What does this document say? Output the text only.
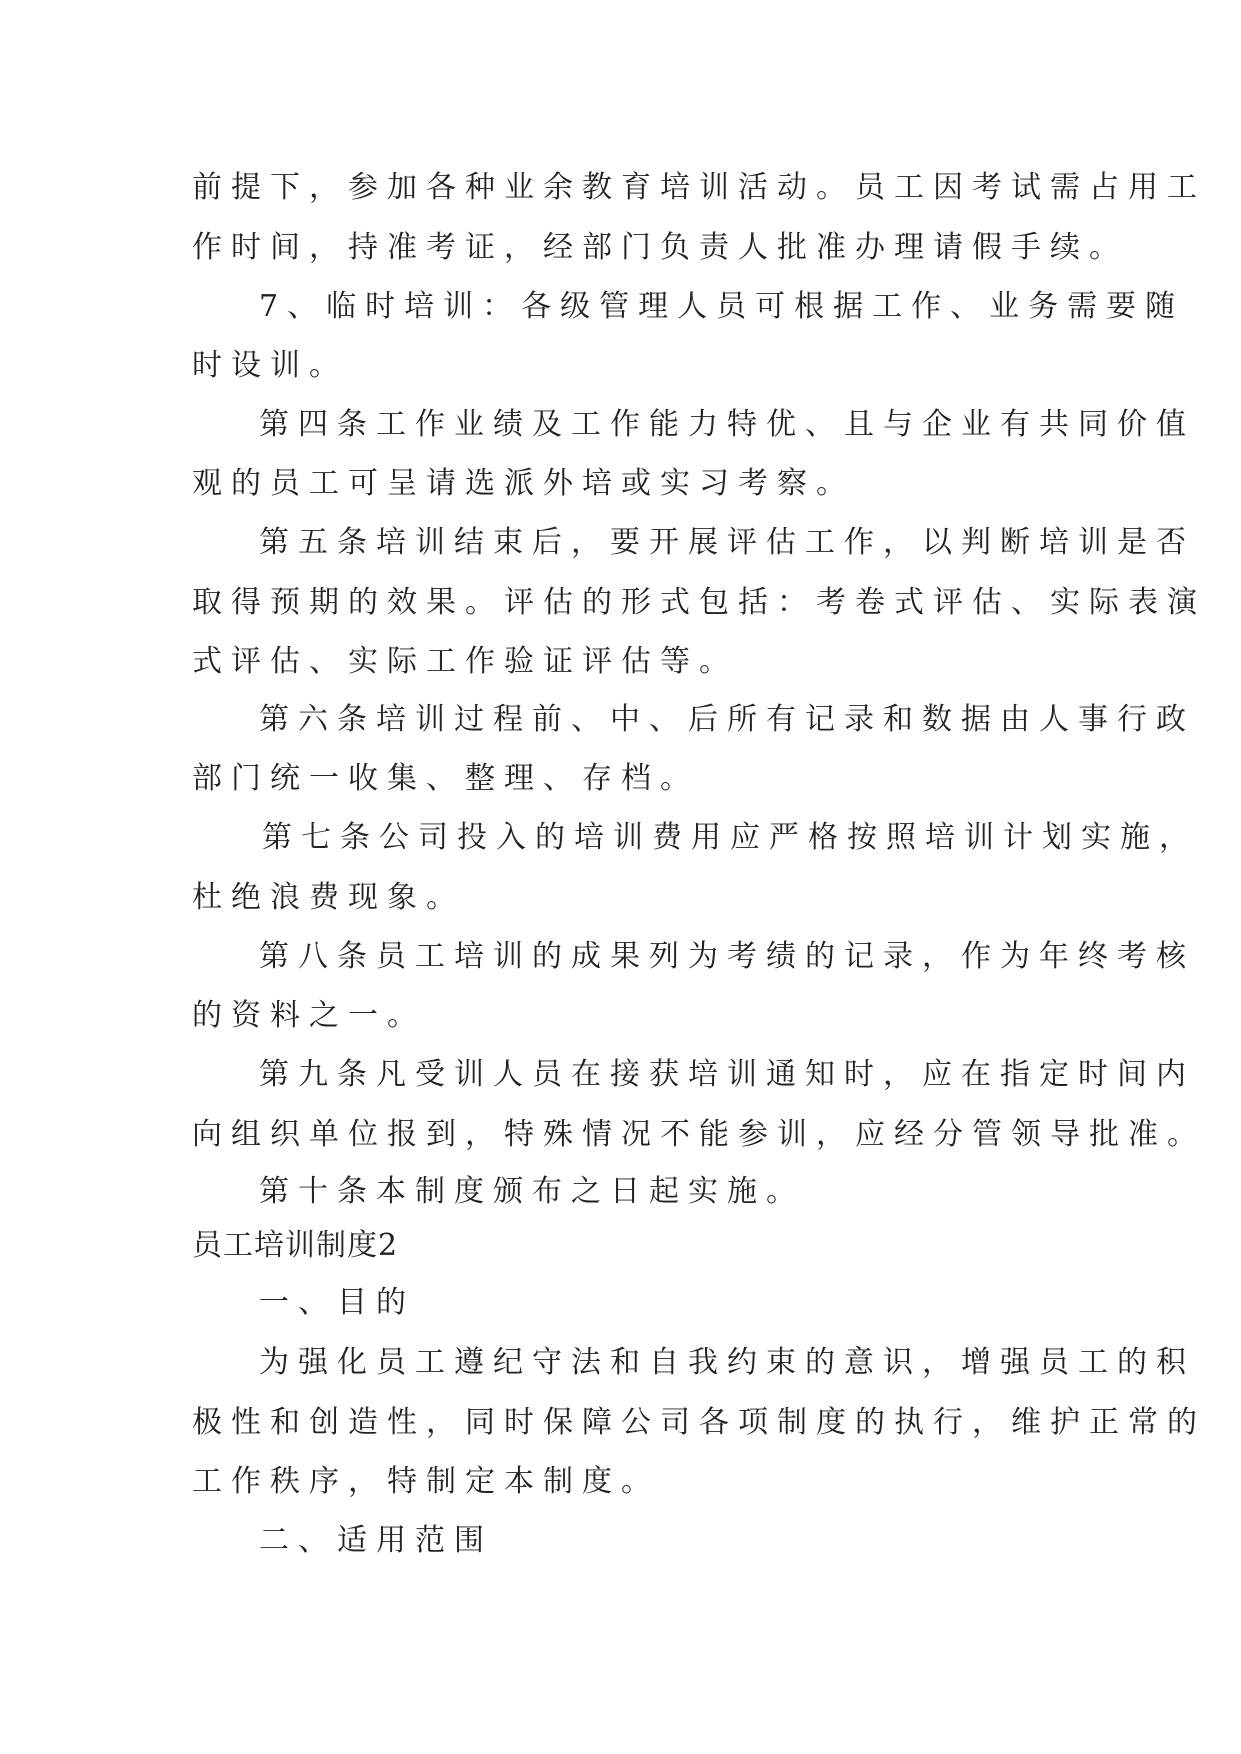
前提下，参加各种业余教育培训活动。员工因考试需占用工
作时间，持准考证，经部门负责人批准办理请假手续。
7、临时培训：各级管理人员可根据工作、业务需要随
时设训。
第四条工作业绩及工作能力特优、且与企业有共同价值
观的员工可呈请选派外培或实习考察。
第五条培训结束后，要开展评估工作，以判断培训是否
取得预期的效果。评估的形式包括：考卷式评估、实际表演
式评估、实际工作验证评估等。
第六条培训过程前、中、后所有记录和数据由人事行政
部门统一收集、整理、存档。
第七条公司投入的培训费用应严格按照培训计划实施，
杜绝浪费现象。
第八条员工培训的成果列为考绩的记录，作为年终考核
的资料之一。
第九条凡受训人员在接获培训通知时，应在指定时间内
向组织单位报到，特殊情况不能参训，应经分管领导批准。
第十条本制度颁布之日起实施。
员工培训制度2
一、目的
为强化员工遵纪守法和自我约束的意识，增强员工的积
极性和创造性，同时保障公司各项制度的执行，维护正常的
工作秩序，特制定本制度。
二、适用范围
